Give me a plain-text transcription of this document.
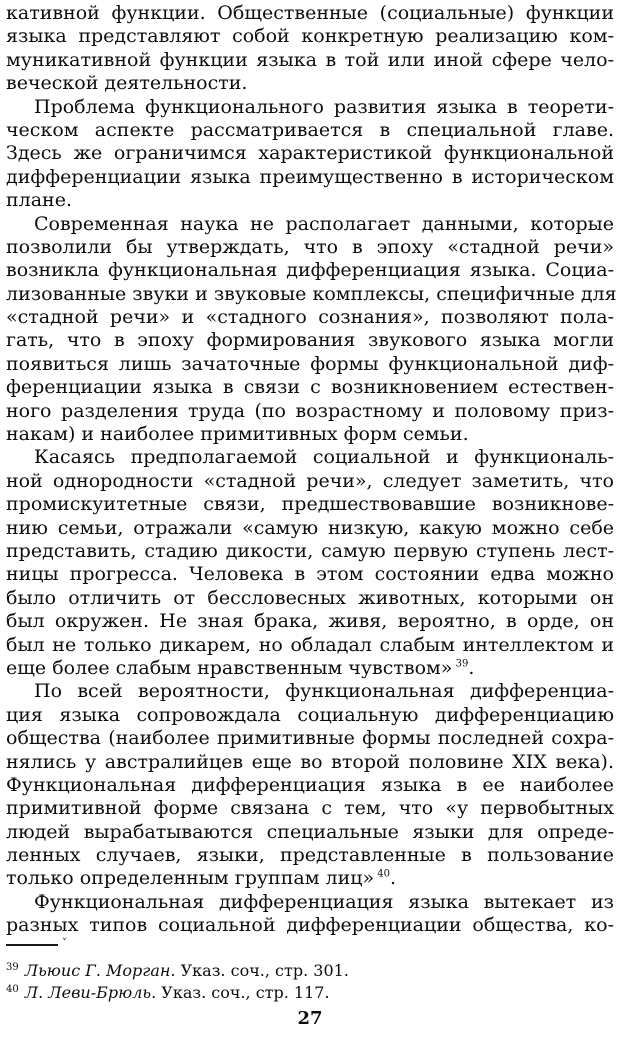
кативной функции. Общественные (социальные) функции
языка представляют собой конкретную реализацию ком-
муникативной функции языка в той или иной сфере чело-
веческой деятельности.
Проблема функционального развития языка в теорети-
ческом аспекте рассматривается в специальной главе.
Здесь же ограничимся характеристикой функциональной
дифференциации языка преимущественно в историческом
плане.
Современная наука не располагает данными, которые
позволили бы утверждать, что в эпоху «стадной речи»
возникла функциональная дифференциация языка. Социа-
лизованные звуки и звуковые комплексы, специфичные для
«стадной речи» и «стадного сознания», позволяют пола-
гать, что в эпоху формирования звукового языка могли
появиться лишь зачаточные формы функциональной диф-
ференциации языка в связи с возникновением естествен-
ного разделения труда (по возрастному и половому приз-
накам) и наиболее примитивных форм семьи.
Касаясь предполагаемой социальной и функциональ-
ной однородности «стадной речи», следует заметить, что
промискуитетные связи, предшествовавшие возникнове-
нию семьи, отражали «самую низкую, какую можно себе
представить, стадию дикости, самую первую ступень лест-
ницы прогресса. Человека в этом состоянии едва можно
было отличить от бессловесных животных, которыми он
был окружен. Не зная брака, живя, вероятно, в орде, он
был не только дикарем, но обладал слабым интеллектом и
еще более слабым нравственным чувством» $^{39}$.
По всей вероятности, функциональная дифференциа-
ция языка сопровождала социальную дифференциацию
общества (наиболее примитивные формы последней сохра-
нялись у австралийцев еще во второй половине XIX века).
Функциональная дифференциация языка в ее наиболее
примитивной форме связана с тем, что «у первобытных
людей вырабатываются специальные языки для опреде-
ленных случаев, языки, представленные в пользование
только определенным группам лиц» $^{40}$.
Функциональная дифференциация языка вытекает из
разных типов социальной дифференциации общества, ко-
˅
$^{39}$ Льюис Г. Морган. Указ. соч., стр. 301.
$^{40}$ Л. Леви-Брюль. Указ. соч., стр. 117.
27
